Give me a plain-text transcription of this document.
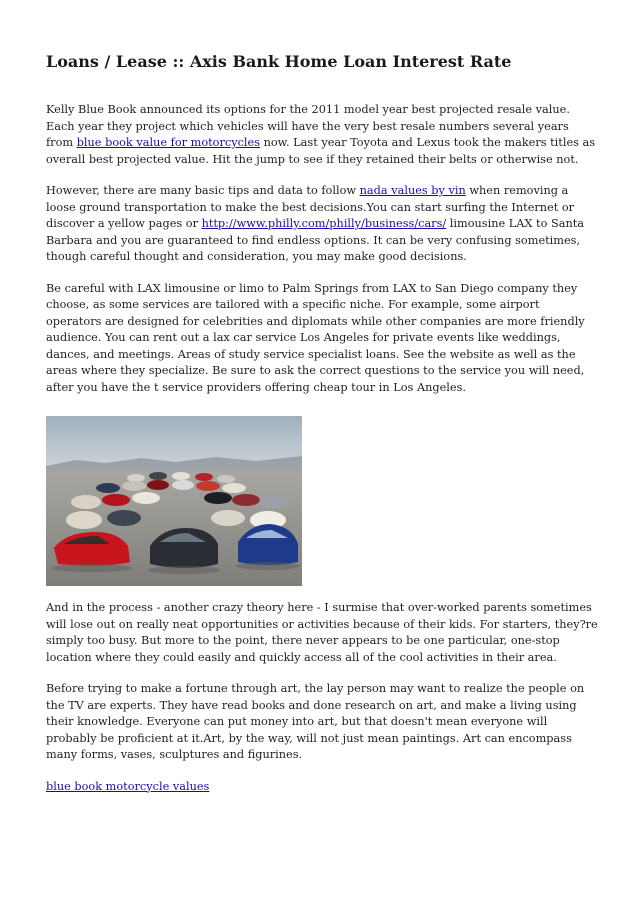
Loans / Lease :: Axis Bank Home Loan Interest Rate

Kelly Blue Book announced its options for the 2011 model year best projected resale value. Each year they project which vehicles will have the very best resale numbers several years from blue book value for motorcycles now. Last year Toyota and Lexus took the makers titles as overall best projected value. Hit the jump to see if they retained their belts or otherwise not.

However, there are many basic tips and data to follow nada values by vin when removing a loose ground transportation to make the best decisions.You can start surfing the Internet or discover a yellow pages or http://www.philly.com/philly/business/cars/ limousine LAX to Santa Barbara and you are guaranteed to find endless options. It can be very confusing sometimes, though careful thought and consideration, you may make good decisions.

Be careful with LAX limousine or limo to Palm Springs from LAX to San Diego company they choose, as some services are tailored with a specific niche. For example, some airport operators are designed for celebrities and diplomats while other companies are more friendly audience. You can rent out a lax car service Los Angeles for private events like weddings, dances, and meetings. Areas of study service specialist loans. See the website as well as the areas where they specialize. Be sure to ask the correct questions to the service you will need, after you have the t service providers offering cheap tour in Los Angeles.

And in the process - another crazy theory here - I surmise that over-worked parents sometimes will lose out on really neat opportunities or activities because of their kids. For starters, they?re simply too busy. But more to the point, there never appears to be one particular, one-stop location where they could easily and quickly access all of the cool activities in their area.

Before trying to make a fortune through art, the lay person may want to realize the people on the TV are experts. They have read books and done research on art, and make a living using their knowledge. Everyone can put money into art, but that doesn't mean everyone will probably be proficient at it.Art, by the way, will not just mean paintings. Art can encompass many forms, vases, sculptures and figurines.

blue book motorcycle values
